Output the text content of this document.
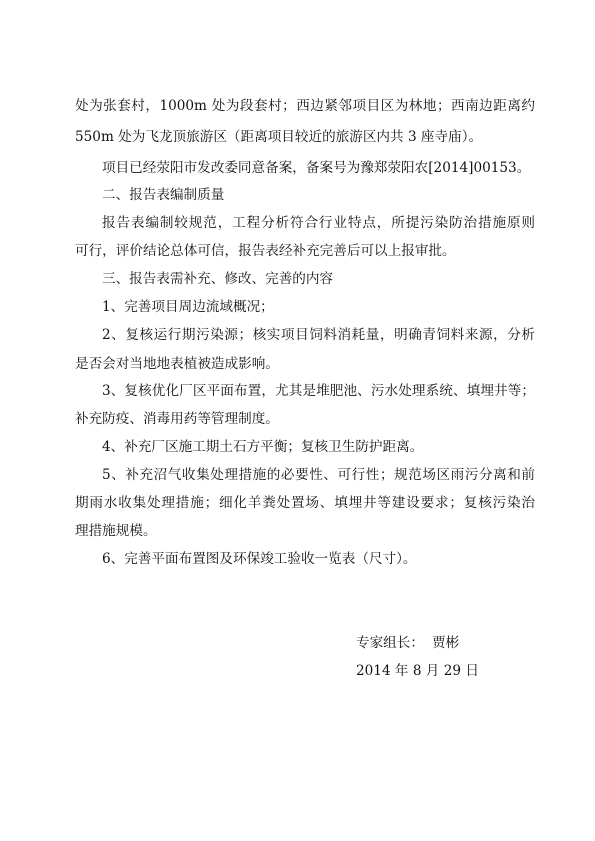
处为张套村，1000m 处为段套村；西边紧邻项目区为林地；西南边距离约
550m 处为飞龙顶旅游区（距离项目较近的旅游区内共 3 座寺庙）。
项目已经荥阳市发改委同意备案，备案号为豫郑荥阳农[2014]00153。
二、报告表编制质量
报告表编制较规范，工程分析符合行业特点，所提污染防治措施原则
可行，评价结论总体可信，报告表经补充完善后可以上报审批。
三、报告表需补充、修改、完善的内容
1、完善项目周边流域概况；
2、复核运行期污染源；核实项目饲料消耗量，明确青饲料来源，分析
是否会对当地地表植被造成影响。
3、复核优化厂区平面布置，尤其是堆肥池、污水处理系统、填埋井等；
补充防疫、消毒用药等管理制度。
4、补充厂区施工期土石方平衡；复核卫生防护距离。
5、补充沼气收集处理措施的必要性、可行性；规范场区雨污分离和前
期雨水收集处理措施；细化羊粪处置场、填埋井等建设要求；复核污染治
理措施规模。
6、完善平面布置图及环保竣工验收一览表（尺寸）。
专家组长： 贾彬
2014 年 8 月 29 日
